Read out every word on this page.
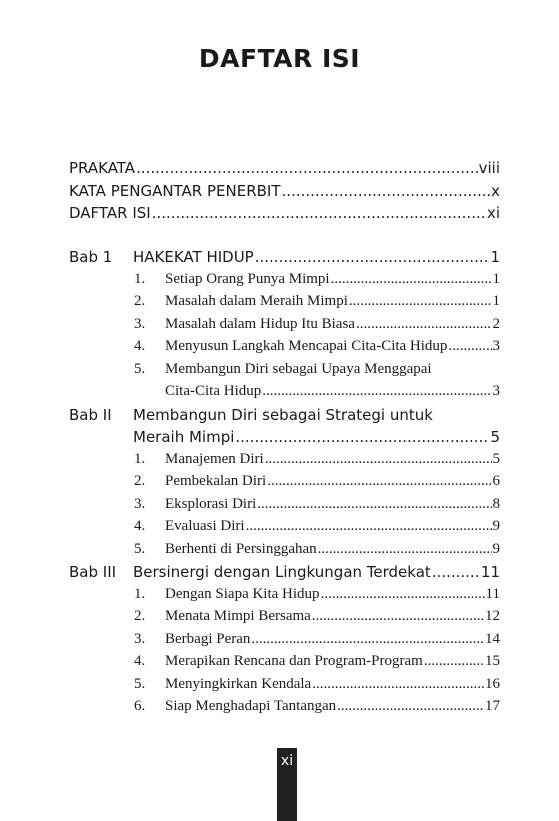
DAFTAR ISI
PRAKATA .....	viii
KATA PENGANTAR PENERBIT .....	x
DAFTAR ISI .....	xi
Bab 1 HAKEKAT HIDUP .....	1
1. Setiap Orang Punya Mimpi .....	1
2. Masalah dalam Meraih Mimpi .....	1
3. Masalah dalam Hidup Itu Biasa .....	2
4. Menyusun Langkah Mencapai Cita-Cita Hidup .....	3
5. Membangun Diri sebagai Upaya Menggapai
Cita-Cita Hidup .....	3
Bab II Membangun Diri sebagai Strategi untuk
Meraih Mimpi .....	5
1. Manajemen Diri .....	5
2. Pembekalan Diri .....	6
3. Eksplorasi Diri .....	8
4. Evaluasi Diri .....	9
5. Berhenti di Persinggahan .....	9
Bab III Bersinergi dengan Lingkungan Terdekat .....	11
1. Dengan Siapa Kita Hidup .....	11
2. Menata Mimpi Bersama .....	12
3. Berbagi Peran .....	14
4. Merapikan Rencana dan Program-Program .....	15
5. Menyingkirkan Kendala .....	16
6. Siap Menghadapi Tantangan .....	17
xi
